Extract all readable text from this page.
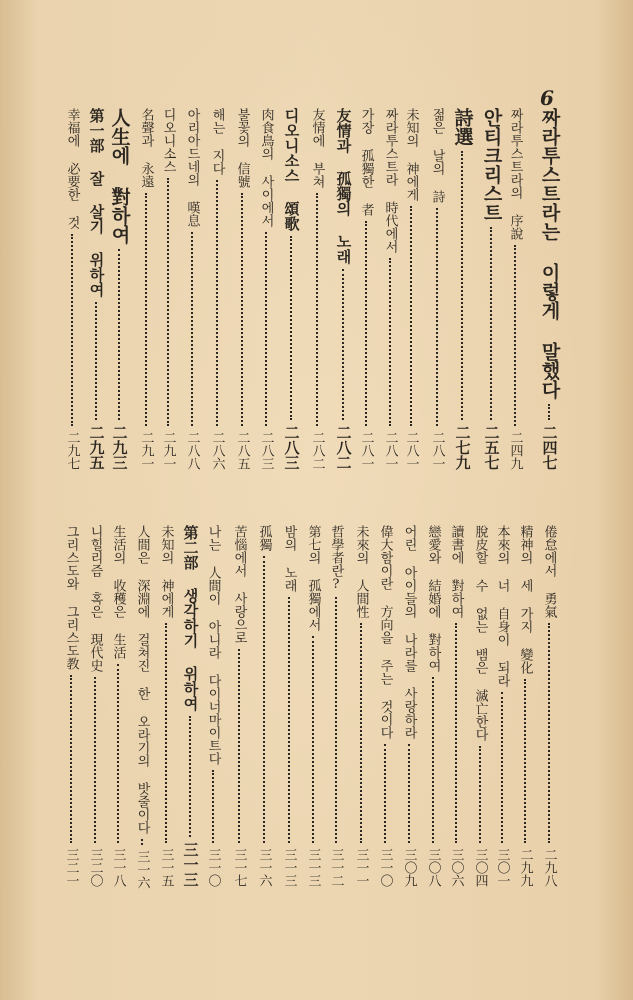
6
짜라투스트라는 이렇게 말했다
二四七
짜라투스트라의 序說
二四九
안티크리스트
二五七
詩選
二七九
젊은 날의 詩
二八一
未知의 神에게
二八一
짜라투스트라 時代에서
二八一
가장 孤獨한 者
二八一
友情과 孤獨의 노래
二八二
友情에 부쳐
二八二
디오니소스 頌歌
二八三
肉食鳥의 사이에서
二八三
불꽃의 信號
二八五
해는 지다
二八六
아리아드네의 嘆息
二八八
디오니소스
二九一
名聲과 永遠
二九一
人生에 對하여
二九三
第一部 잘 살기 위하여
二九五
幸福에 必要한 것
二九七
倦怠에서 勇氣
二九八
精神의 세 가지 變化
二九九
本來의 너 自身이 되라
三〇一
脫皮할 수 없는 뱀은 滅亡한다
三〇四
讀書에 對하여
三〇六
戀愛와 結婚에 對하여
三〇八
어린 아이들의 나라를 사랑하라
三〇九
偉大함이란 方向을 주는 것이다
三一〇
未來의 人間性
三一一
哲學者란?
三一二
第七의 孤獨에서
三一三
밤의 노래
三一三
孤獨
三一六
苦惱에서 사랑으로
三一七
나는 人間이 아니라 다이너마이트다
三一〇
第二部 생각하기 위하여
三一三
未知의 神에게
三一五
人間은 深淵에 걸쳐진 한 오라기의 밧줄이다
三一六
生活의 收穫은 生活
三一八
니힐리즘 혹은 現代史
三二〇
그리스도와 그리스도教
三二一
